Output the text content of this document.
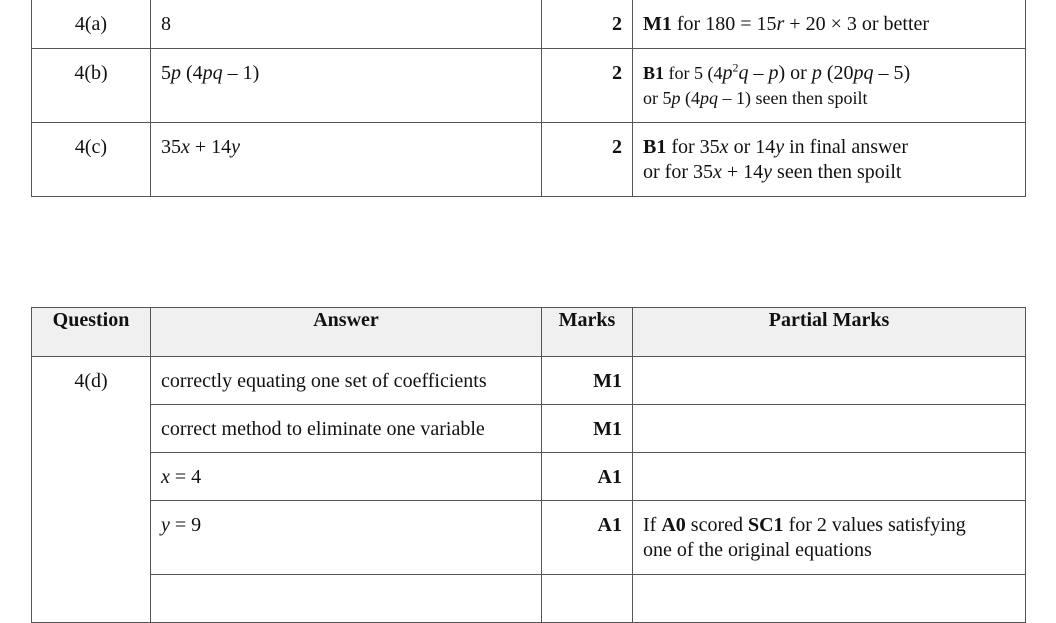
4(a)	8	2	M1 for 180 = 15r + 20 × 3 or better
4(b)	5p (4pq – 1)	2	B1 for 5 $(4p^2q - p)$ or p (20pq – 5)
or 5p (4pq – 1) seen then spoilt

4(c)	35x + 14y	2	B1 for 35x or 14y in final answer
or for 35x + 14y seen then spoilt
Question	Answer	Marks	Partial Marks
4(d)	correctly equating one set of coefficients	M1	
	correct method to eliminate one variable	M1	
	x = 4	A1	
	y = 9	A1	If A0 scored SC1 for 2 values satisfying
one of the original equations
